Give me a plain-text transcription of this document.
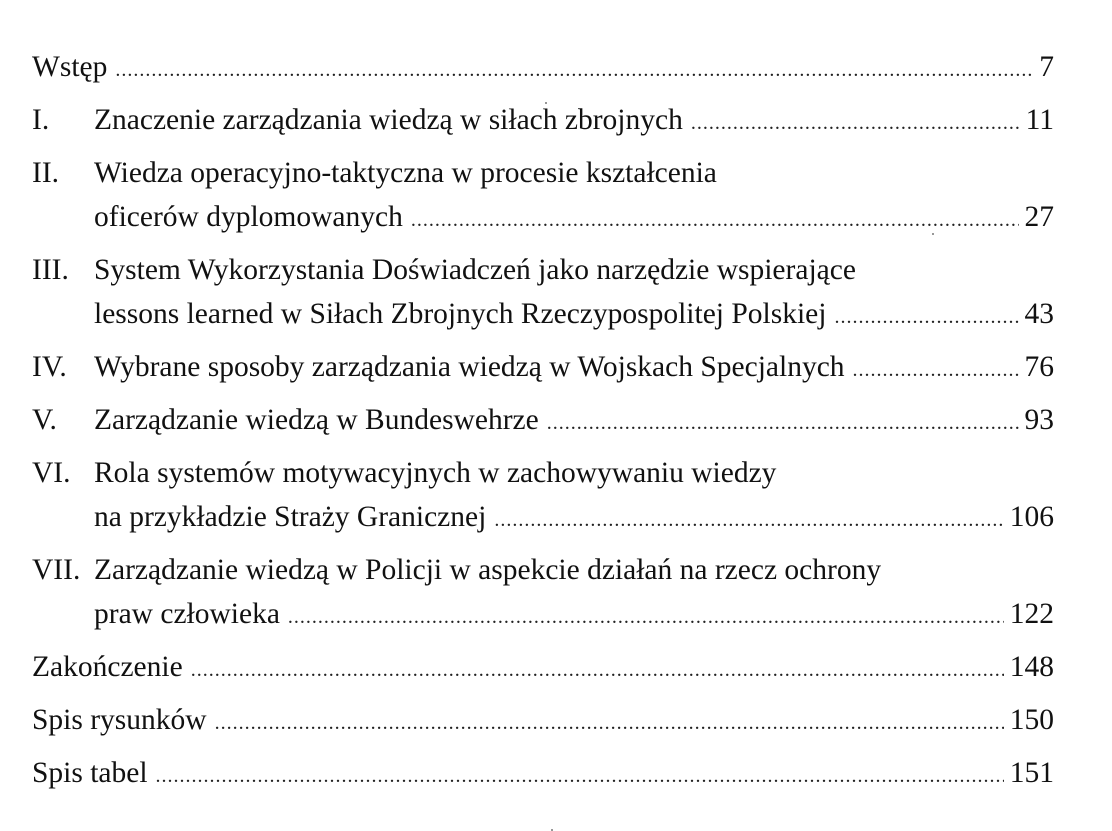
Wstęp .....	7
I.	Znaczenie zarządzania wiedzą w siłach zbrojnych .....	11
II.	Wiedza operacyjno-taktyczna w procesie kształcenia
oficerów dyplomowanych .....	27
III. System Wykorzystania Doświadczeń jako narzędzie wspierające
lessons learned w Siłach Zbrojnych Rzeczypospolitej Polskiej .....	43
IV. Wybrane sposoby zarządzania wiedzą w Wojskach Specjalnych .....	76
V.	Zarządzanie wiedzą w Bundeswehrze .....	93
VI. Rola systemów motywacyjnych w zachowywaniu wiedzy
na przykładzie Straży Granicznej .....	106
VII. Zarządzanie wiedzą w Policji w aspekcie działań na rzecz ochrony
praw człowieka .....	122
Zakończenie .....	148
Spis rysunków .....	150
Spis tabel .....	151
